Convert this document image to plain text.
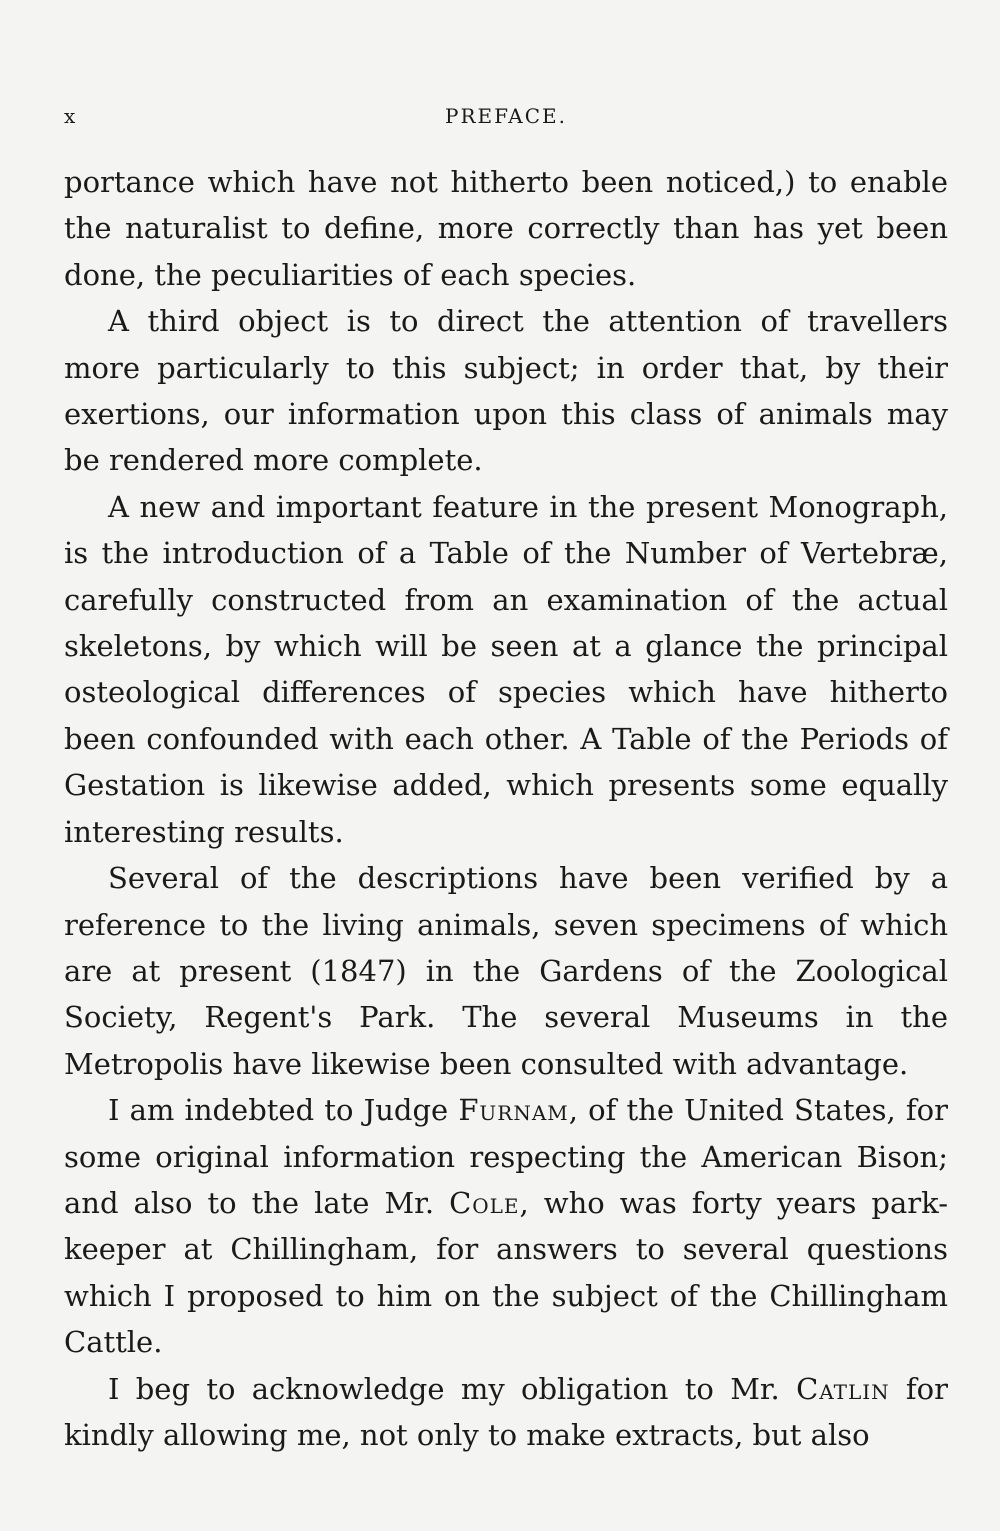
x	PREFACE.

portance which have not hitherto been noticed,) to enable the naturalist to define, more correctly than has yet been done, the peculiarities of each species.

A third object is to direct the attention of travellers more particularly to this subject; in order that, by their exertions, our information upon this class of animals may be rendered more complete.

A new and important feature in the present Monograph, is the introduction of a Table of the Number of Vertebræ, carefully constructed from an examination of the actual skeletons, by which will be seen at a glance the principal osteological differences of species which have hitherto been confounded with each other. A Table of the Periods of Gestation is likewise added, which presents some equally interesting results.

Several of the descriptions have been verified by a reference to the living animals, seven specimens of which are at present (1847) in the Gardens of the Zoological Society, Regent's Park. The several Museums in the Metropolis have likewise been consulted with advantage.

I am indebted to Judge Furnam, of the United States, for some original information respecting the American Bison; and also to the late Mr. Cole, who was forty years park-keeper at Chillingham, for answers to several questions which I proposed to him on the subject of the Chillingham Cattle.

I beg to acknowledge my obligation to Mr. Catlin for kindly allowing me, not only to make extracts, but also
